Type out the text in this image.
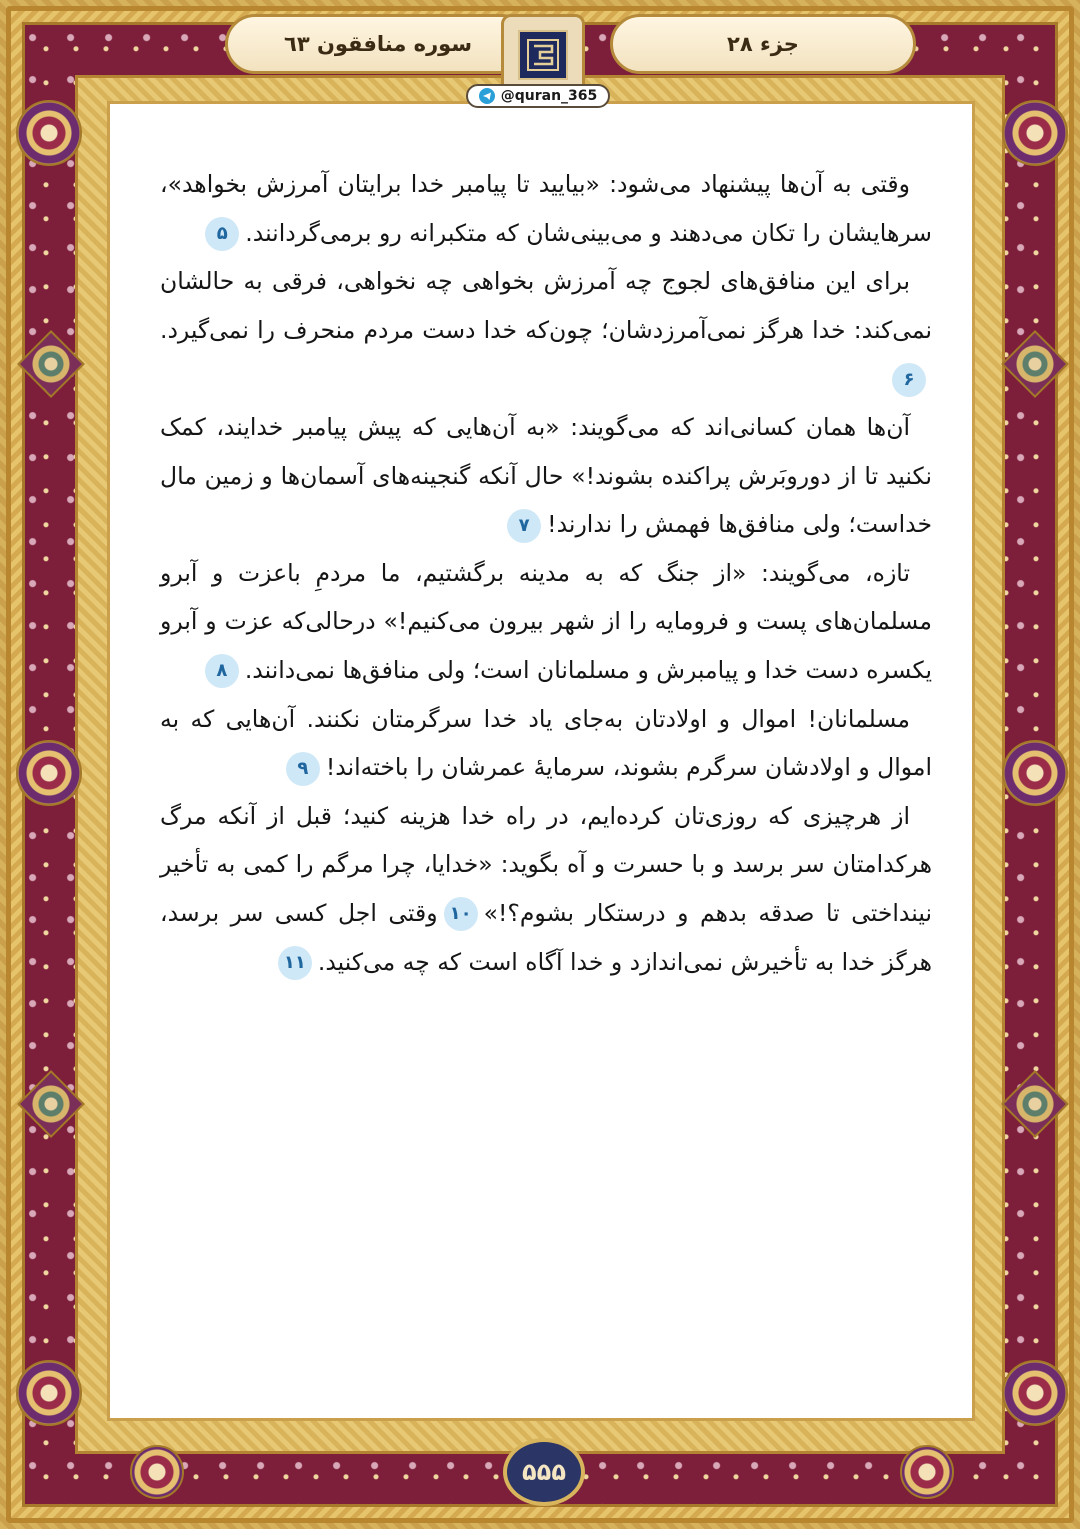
سوره منافقون ٦٣	جزء ۲۸
@quran_365

وقتی به آن‌ها پیشنهاد می‌شود: «بیایید تا پیامبر خدا برایتان آمرزش بخواهد»، سرهایشان را تکان می‌دهند و می‌بینی‌شان که متکبرانه رو برمی‌گردانند.۵

برای این منافق‌های لجوج چه آمرزش بخواهی چه نخواهی، فرقی به حالشان نمی‌کند: خدا هرگز نمی‌آمرزدشان؛ چون‌که خدا دست مردم منحرف را نمی‌گیرد.۶

آن‌ها همان کسانی‌اند که می‌گویند: «به آن‌هایی که پیش پیامبر خدایند، کمک نکنید تا از دوروبَرش پراکنده بشوند!» حال آنکه گنجینه‌های آسمان‌ها و زمین مال خداست؛ ولی منافق‌ها فهمش را ندارند!۷

تازه، می‌گویند: «از جنگ که به مدینه برگشتیم، ما مردمِ باعزت و آبرو مسلمان‌های پست و فرومایه را از شهر بیرون می‌کنیم!» درحالی‌که عزت و آبرو یکسره دست خدا و پیامبرش و مسلمانان است؛ ولی منافق‌ها نمی‌دانند.۸

مسلمانان! اموال و اولادتان به‌جای یاد خدا سرگرمتان نکنند. آن‌هایی که به اموال و اولادشان سرگرم بشوند، سرمایهٔ عمرشان را باخته‌اند!۹

از هرچیزی که روزی‌تان کرده‌ایم، در راه خدا هزینه کنید؛ قبل از آنکه مرگ هرکدامتان سر برسد و با حسرت و آه بگوید: «خدایا، چرا مرگم را کمی به تأخیر نینداختی تا صدقه بدهم و درستکار بشوم؟!»۱۰وقتی اجل کسی سر برسد، هرگز خدا به تأخیرش نمی‌اندازد و خدا آگاه است که چه می‌کنید.۱۱

۵۵۵
